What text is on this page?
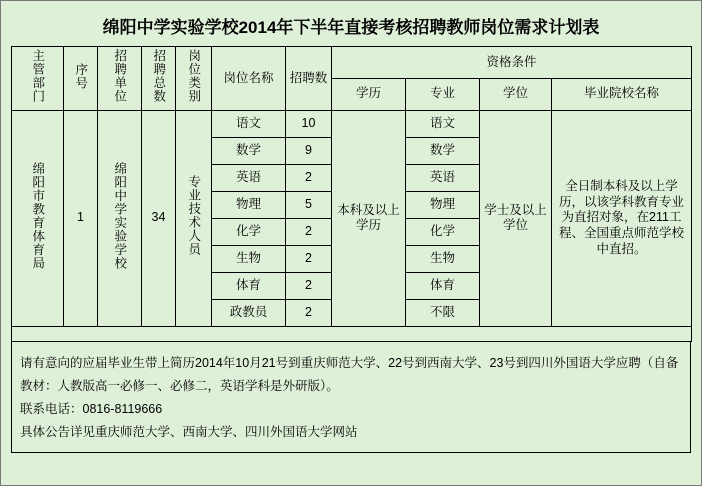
绵阳中学实验学校2014年下半年直接考核招聘教师岗位需求计划表
主管部门	序号	招聘单位	招聘总数	岗位类别	岗位名称	招聘数	资格条件			
							学历	专业	学位	毕业院校名称
绵阳市教育体育局	1	绵阳中学实验学校	34	专业技术人员	语文	10	本科及以上学历	语文	学士及以上学位	全日制本科及以上学历，以该学科教育专业为直招对象，在211工程、全国重点师范学校中直招。
					数学	9		数学		
					英语	2		英语		
					物理	5		物理		
					化学	2		化学		
					生物	2		生物		
					体育	2		体育		
					政教员	2		不限		

请有意向的应届毕业生带上简历2014年10月21号到重庆师范大学、22号到西南大学、23号到四川外国语大学应聘（自备教材：人教版高一必修一、必修二，英语学科是外研版）。

联系电话：0816-8119666

具体公告详见重庆师范大学、西南大学、四川外国语大学网站
